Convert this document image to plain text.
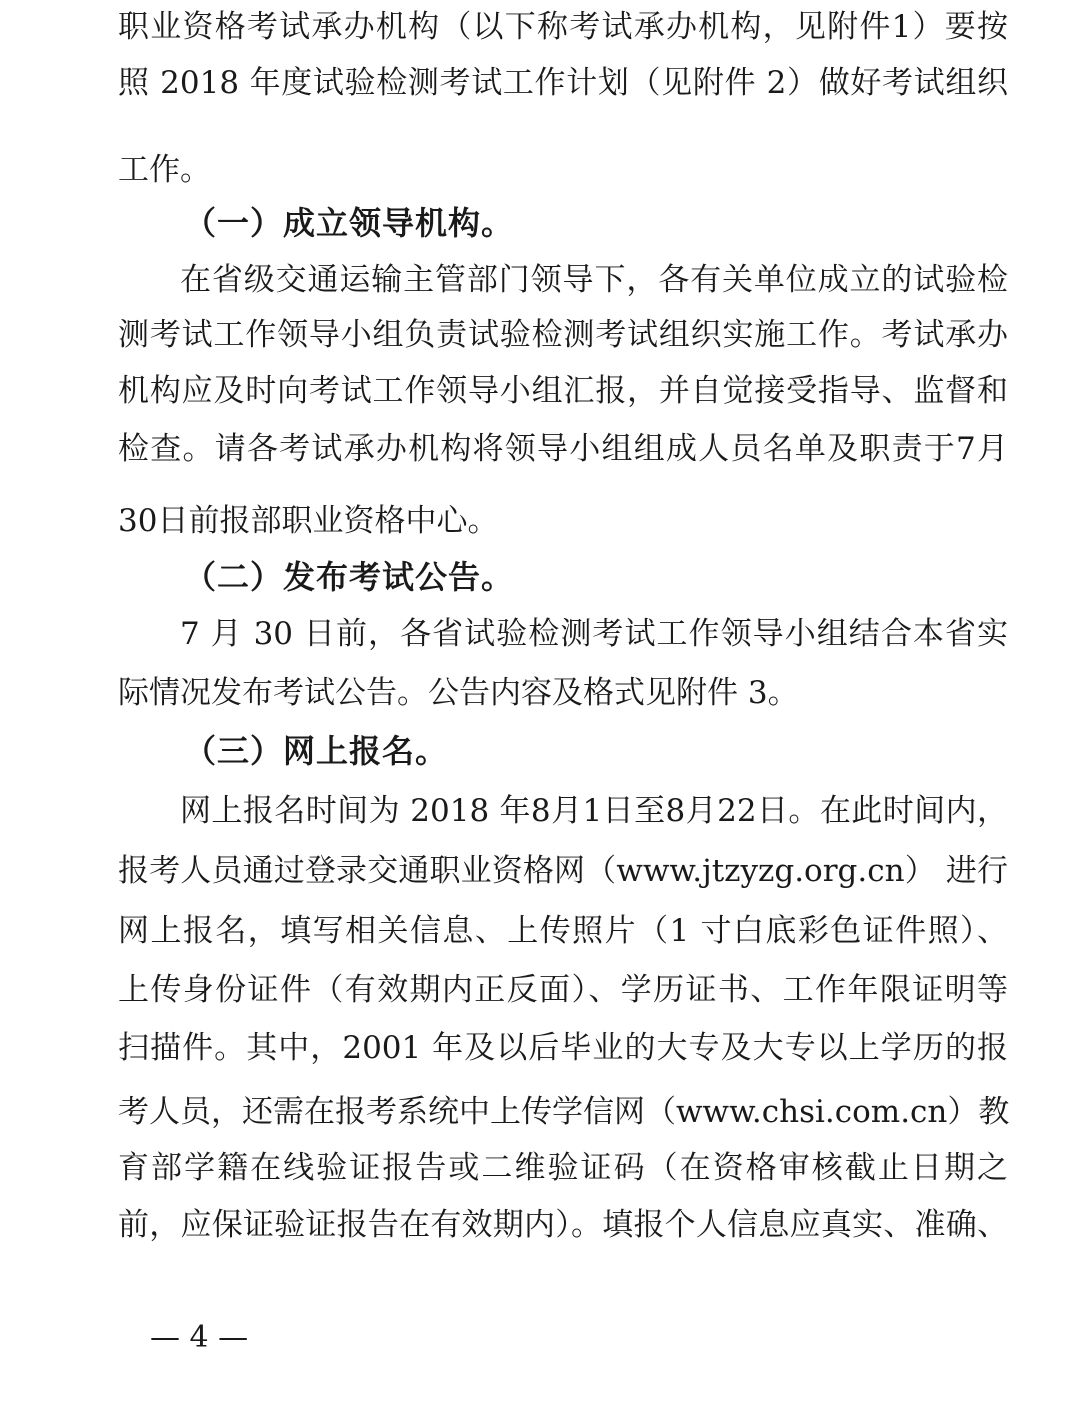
职业资格考试承办机构（以下称考试承办机构，见附件1）要按
照 2018 年度试验检测考试工作计划（见附件 2）做好考试组织
工作。
（一）成立领导机构。
在省级交通运输主管部门领导下，各有关单位成立的试验检
测考试工作领导小组负责试验检测考试组织实施工作。考试承办
机构应及时向考试工作领导小组汇报，并自觉接受指导、监督和
检查。请各考试承办机构将领导小组组成人员名单及职责于7月
30日前报部职业资格中心。
（二）发布考试公告。
7 月 30 日前，各省试验检测考试工作领导小组结合本省实
际情况发布考试公告。公告内容及格式见附件 3。
（三）网上报名。
网上报名时间为 2018 年8月1日至8月22日。在此时间内，
报考人员通过登录交通职业资格网（www.jtzyzg.org.cn） 进行
网上报名，填写相关信息、上传照片（1 寸白底彩色证件照）、
上传身份证件（有效期内正反面）、学历证书、工作年限证明等
扫描件。其中，2001 年及以后毕业的大专及大专以上学历的报
考人员，还需在报考系统中上传学信网（www.chsi.com.cn）教
育部学籍在线验证报告或二维验证码（在资格审核截止日期之
前，应保证验证报告在有效期内）。填报个人信息应真实、准确、
— 4 —
